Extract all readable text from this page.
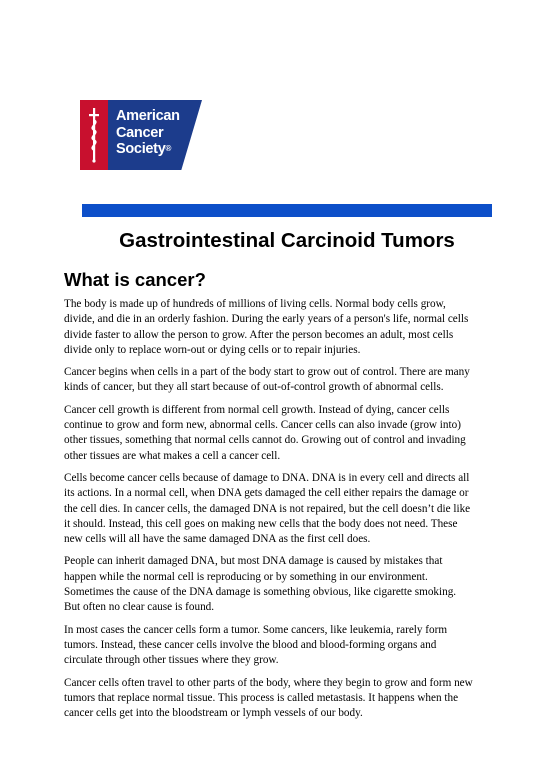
American
Cancer
Society®
Gastrointestinal Carcinoid Tumors
What is cancer?

The body is made up of hundreds of millions of living cells. Normal body cells grow, divide, and die in an orderly fashion. During the early years of a person's life, normal cells divide faster to allow the person to grow. After the person becomes an adult, most cells divide only to replace worn-out or dying cells or to repair injuries.

Cancer begins when cells in a part of the body start to grow out of control. There are many kinds of cancer, but they all start because of out-of-control growth of abnormal cells.

Cancer cell growth is different from normal cell growth. Instead of dying, cancer cells continue to grow and form new, abnormal cells. Cancer cells can also invade (grow into) other tissues, something that normal cells cannot do. Growing out of control and invading other tissues are what makes a cell a cancer cell.

Cells become cancer cells because of damage to DNA. DNA is in every cell and directs all its actions. In a normal cell, when DNA gets damaged the cell either repairs the damage or the cell dies. In cancer cells, the damaged DNA is not repaired, but the cell doesn’t die like it should. Instead, this cell goes on making new cells that the body does not need. These new cells will all have the same damaged DNA as the first cell does.

People can inherit damaged DNA, but most DNA damage is caused by mistakes that happen while the normal cell is reproducing or by something in our environment. Sometimes the cause of the DNA damage is something obvious, like cigarette smoking. But often no clear cause is found.

In most cases the cancer cells form a tumor. Some cancers, like leukemia, rarely form tumors. Instead, these cancer cells involve the blood and blood-forming organs and circulate through other tissues where they grow.

Cancer cells often travel to other parts of the body, where they begin to grow and form new tumors that replace normal tissue. This process is called metastasis. It happens when the cancer cells get into the bloodstream or lymph vessels of our body.
